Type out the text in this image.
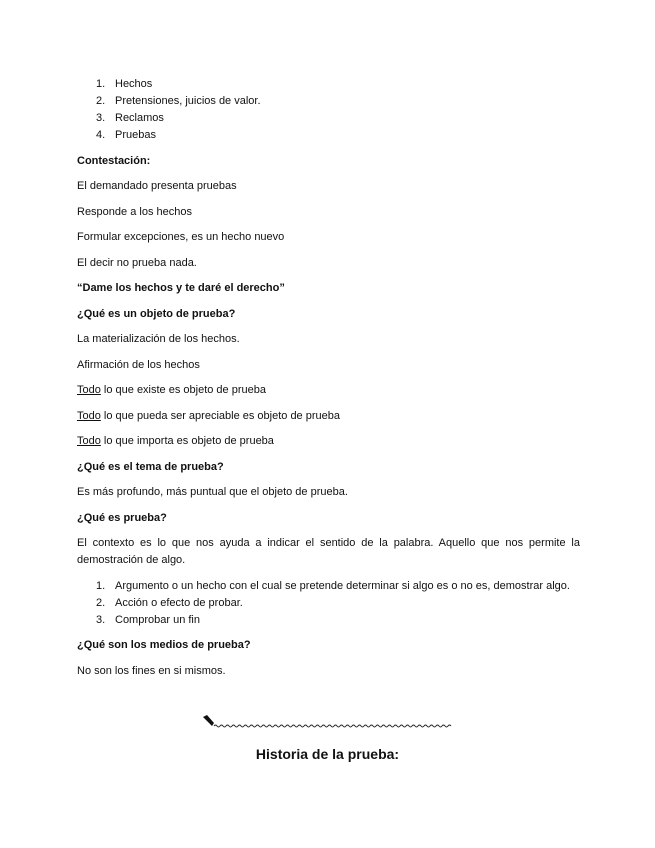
1. Hechos
2. Pretensiones, juicios de valor.
3. Reclamos
4. Pruebas

Contestación:

El demandado presenta pruebas

Responde a los hechos

Formular excepciones, es un hecho nuevo

El decir no prueba nada.

“Dame los hechos y te daré el derecho”

¿Qué es un objeto de prueba?

La materialización de los hechos.

Afirmación de los hechos

Todo lo que existe es objeto de prueba

Todo lo que pueda ser apreciable es objeto de prueba

Todo lo que importa es objeto de prueba

¿Qué es el tema de prueba?

Es más profundo, más puntual que el objeto de prueba.

¿Qué es prueba?

El contexto es lo que nos ayuda a indicar el sentido de la palabra. Aquello que nos permite la demostración de algo.

1. Argumento o un hecho con el cual se pretende determinar si algo es o no es, demostrar algo.
2. Acción o efecto de probar.
3. Comprobar un fin

¿Qué son los medios de prueba?

No son los fines en si mismos.

Historia de la prueba:
